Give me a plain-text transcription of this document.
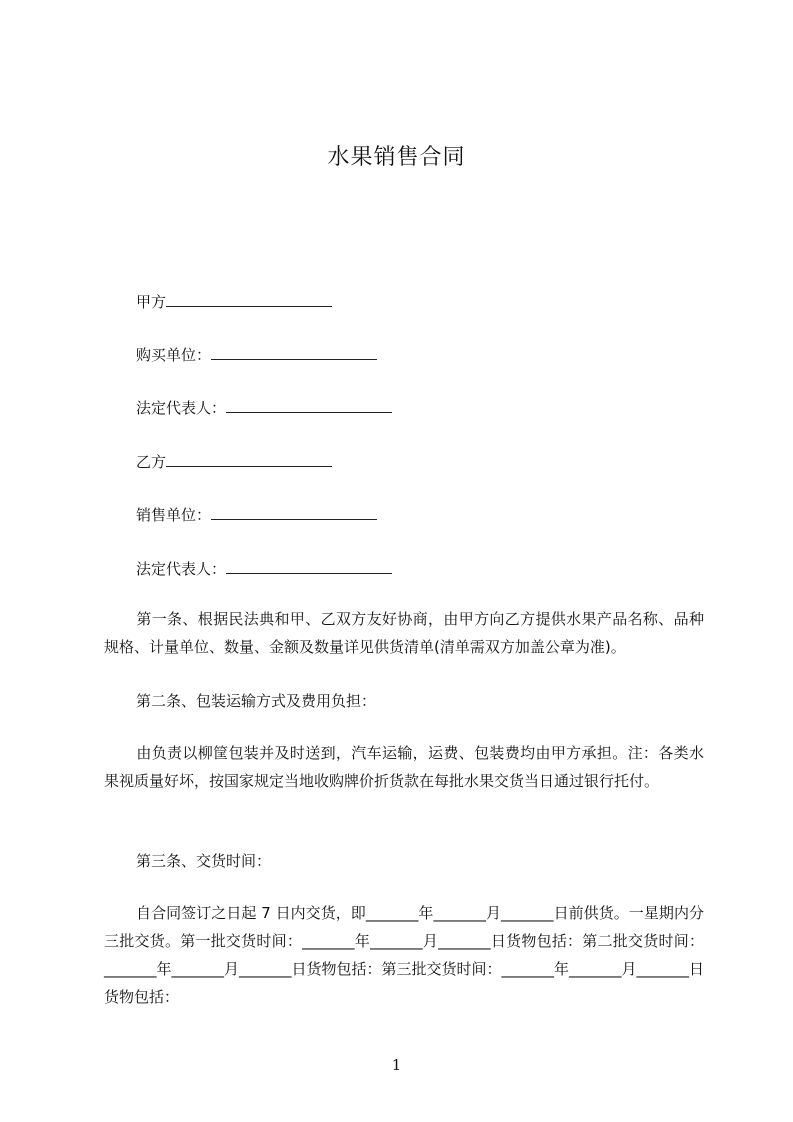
水果销售合同
甲方
购买单位：
法定代表人：
乙方
销售单位：
法定代表人：

第一条、根据民法典和甲、乙双方友好协商，由甲方向乙方提供水果产品名称、品种规格、计量单位、数量、金额及数量详见供货清单(清单需双方加盖公章为准)。

第二条、包装运输方式及费用负担：

由负责以柳筐包装并及时送到，汽车运输，运费、包装费均由甲方承担。注：各类水果视质量好坏，按国家规定当地收购牌价折货款在每批水果交货当日通过银行托付。

第三条、交货时间：

自合同签订之日起 7 日内交货，即_______年_______月_______日前供货。一星期内分三批交货。第一批交货时间：_______年_______月_______日货物包括：第二批交货时间：_______年_______月_______日货物包括：第三批交货时间：_______年_______月_______日货物包括：

1
